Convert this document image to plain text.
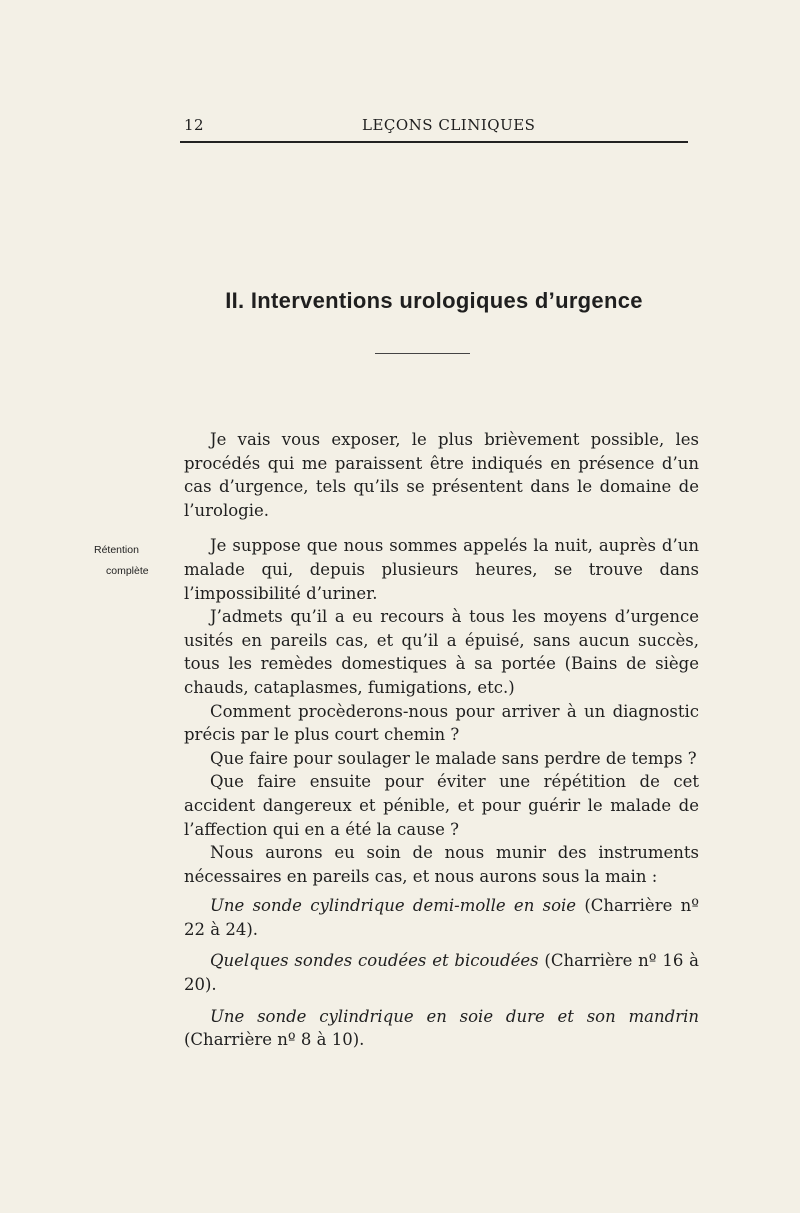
12	LEÇONS CLINIQUES
II. Interventions urologiques d’urgence
Rétention
complète

Je vais vous exposer, le plus brièvement possible, les procédés qui me paraissent être indiqués en présence d’un cas d’urgence, tels qu’ils se présentent dans le domaine de l’urologie.

Je suppose que nous sommes appelés la nuit, auprès d’un malade qui, depuis plusieurs heures, se trouve dans l’impossibilité d’uriner.

J’admets qu’il a eu recours à tous les moyens d’urgence usités en pareils cas, et qu’il a épuisé, sans aucun succès, tous les remèdes domestiques à sa portée (Bains de siège chauds, cataplasmes, fumigations, etc.)

Comment procèderons-nous pour arriver à un diagnostic précis par le plus court chemin ?

Que faire pour soulager le malade sans perdre de temps ?

Que faire ensuite pour éviter une répétition de cet accident dangereux et pénible, et pour guérir le malade de l’affection qui en a été la cause ?

Nous aurons eu soin de nous munir des instruments nécessaires en pareils cas, et nous aurons sous la main :

Une sonde cylindrique demi-molle en soie (Charrière nº 22 à 24).

Quelques sondes coudées et bicoudées (Charrière nº 16 à 20).

Une sonde cylindrique en soie dure et son mandrin (Charrière nº 8 à 10).
